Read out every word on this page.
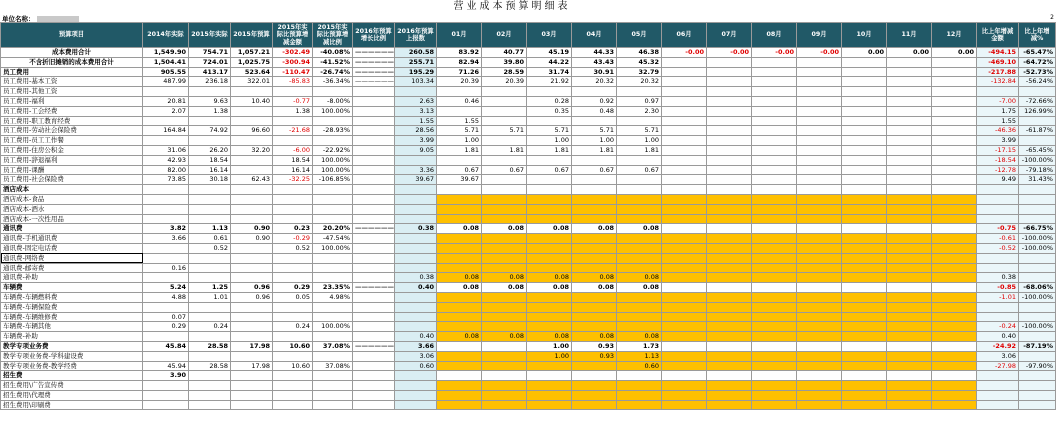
营业成本预算明细表
单位名称：	2
预算项目	2014年实际	2015年实际	2015年预算	2015年实际比预算增减金额	2015年实际比预算增减比例	2016年预算增长比例	2016年预算上报数	01月	02月	03月	04月	05月	06月	07月	08月	09月	10月	11月	12月	比上年增减金额	比上年增减%
成本费用合计	1,549.90	754.71	1,057.21	-302.49	-40.08%	——————	260.58	83.92	40.77	45.19	44.33	46.38	-0.00	-0.00	-0.00	-0.00	0.00	0.00	0.00	-494.15	-65.47%
不含折旧摊销的成本费用合计	1,504.41	724.01	1,025.75	-300.94	-41.52%	——————	255.71	82.94	39.80	44.22	43.43	45.32								-469.10	-64.72%
员工费用	905.55	413.17	523.64	-110.47	-26.74%	——————	195.29	71.26	28.59	31.74	30.91	32.79								-217.88	-52.73%
员工费用-基本工资	487.99	236.18	322.01	-85.83	-36.34%	——————	103.34	20.39	20.39	21.92	20.32	20.32								-132.84	-56.24%
员工费用-其他工资																					
员工费用-福利	20.81	9.63	10.40	-0.77	-8.00%		2.63	0.46		0.28	0.92	0.97								-7.00	-72.66%
员工费用-工会经费	2.07	1.38		1.38	100.00%		3.13			0.35	0.48	2.30								1.75	126.99%
员工费用-职工教育经费							1.55	1.55												1.55	
员工费用-劳动社会保险费	164.84	74.92	96.60	-21.68	-28.93%		28.56	5.71	5.71	5.71	5.71	5.71								-46.36	-61.87%
员工费用-员工工作餐							3.99	1.00		1.00	1.00	1.00								3.99	
员工费用-住房公积金	31.06	26.20	32.20	-6.00	-22.92%		9.05	1.81	1.81	1.81	1.81	1.81								-17.15	-65.45%
员工费用-辞退福利	42.93	18.54		18.54	100.00%															-18.54	-100.00%
员工费用-课酬	82.00	16.14		16.14	100.00%		3.36	0.67	0.67	0.67	0.67	0.67								-12.78	-79.18%
员工费用-社会保险费	73.85	30.18	62.43	-32.25	-106.85%		39.67	39.67												9.49	31.43%
酒店成本																					
酒店成本-食品																					
酒店成本-酒水																					
酒店成本-一次性用品																					
通讯费	3.82	1.13	0.90	0.23	20.20%	——————	0.38	0.08	0.08	0.08	0.08	0.08								-0.75	-66.75%
通讯费-手机通讯费	3.66	0.61	0.90	-0.29	-47.54%															-0.61	-100.00%
通讯费-固定电话费		0.52		0.52	100.00%															-0.52	-100.00%
通讯费-网络费																					
通讯费-邮寄费	0.16																				
通讯费-补助							0.38	0.08	0.08	0.08	0.08	0.08								0.38	
车辆费	5.24	1.25	0.96	0.29	23.35%	——————	0.40	0.08	0.08	0.08	0.08	0.08								-0.85	-68.06%
车辆费-车辆燃料费	4.88	1.01	0.96	0.05	4.98%															-1.01	-100.00%
车辆费-车辆保险费																					
车辆费-车辆维修费	0.07																				
车辆费-车辆其他	0.29	0.24		0.24	100.00%															-0.24	-100.00%
车辆费-补助							0.40	0.08	0.08	0.08	0.08	0.08								0.40	
教学专项业务费	45.84	28.58	17.98	10.60	37.08%	——————	3.66			1.00	0.93	1.73								-24.92	-87.19%
教学专项业务费-学科建设费							3.06			1.00	0.93	1.13								3.06	
教学专项业务费-教学经费	45.94	28.58	17.98	10.60	37.08%		0.60					0.60								-27.98	-97.90%
招生费	3.90																				
招生费用\广告宣传费																					
招生费用\代理费																					
招生费用\印刷费																					
